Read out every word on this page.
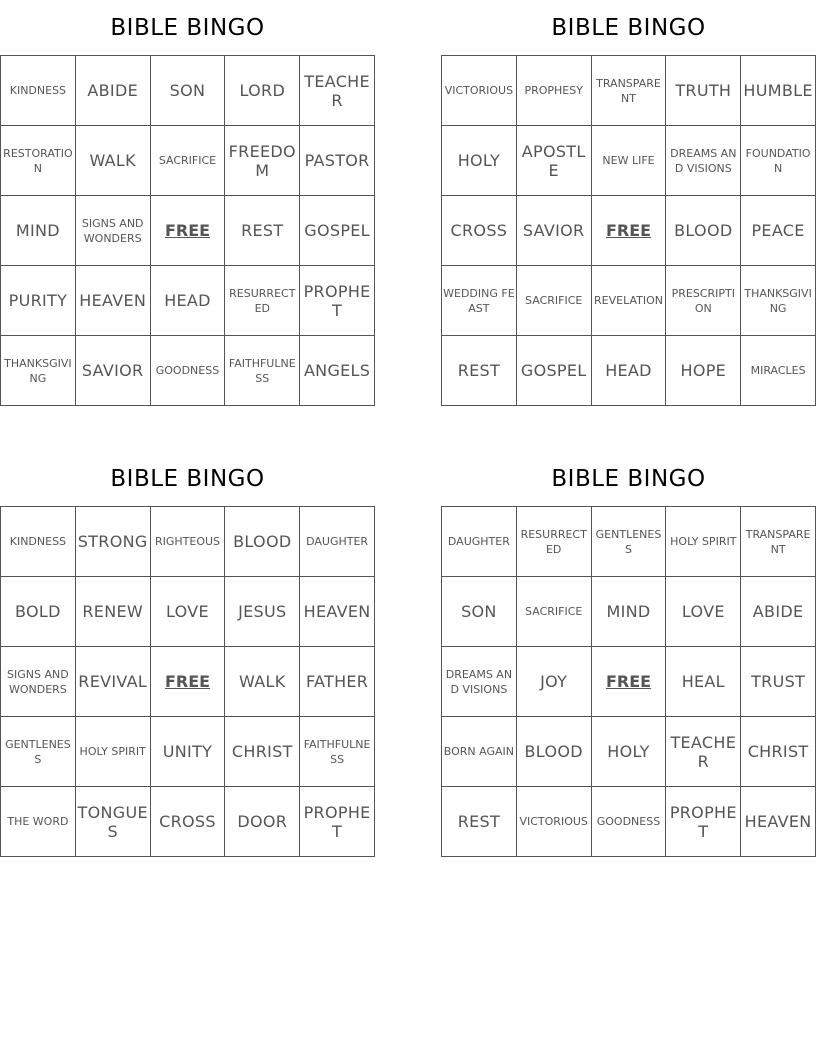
BIBLE BINGO
KINDNESS	ABIDE	SON	LORD	TEACHER
RESTORATION	WALK	SACRIFICE	FREEDOM	PASTOR
MIND	SIGNS AND WONDERS	FREE	REST	GOSPEL
PURITY	HEAVEN	HEAD	RESURRECTED	PROPHET
THANKSGIVING	SAVIOR	GOODNESS	FAITHFULNESS	ANGELS
BIBLE BINGO
VICTORIOUS	PROPHESY	TRANSPARENT	TRUTH	HUMBLE
HOLY	APOSTLE	NEW LIFE	DREAMS AND VISIONS	FOUNDATION
CROSS	SAVIOR	FREE	BLOOD	PEACE
WEDDING FEAST	SACRIFICE	REVELATION	PRESCRIPTION	THANKSGIVING
REST	GOSPEL	HEAD	HOPE	MIRACLES
BIBLE BINGO
KINDNESS	STRONG	RIGHTEOUS	BLOOD	DAUGHTER
BOLD	RENEW	LOVE	JESUS	HEAVEN
SIGNS AND WONDERS	REVIVAL	FREE	WALK	FATHER
GENTLENESS	HOLY SPIRIT	UNITY	CHRIST	FAITHFULNESS
THE WORD	TONGUES	CROSS	DOOR	PROPHET
BIBLE BINGO
DAUGHTER	RESURRECTED	GENTLENESS	HOLY SPIRIT	TRANSPARENT
SON	SACRIFICE	MIND	LOVE	ABIDE
DREAMS AND VISIONS	JOY	FREE	HEAL	TRUST
BORN AGAIN	BLOOD	HOLY	TEACHER	CHRIST
REST	VICTORIOUS	GOODNESS	PROPHET	HEAVEN
